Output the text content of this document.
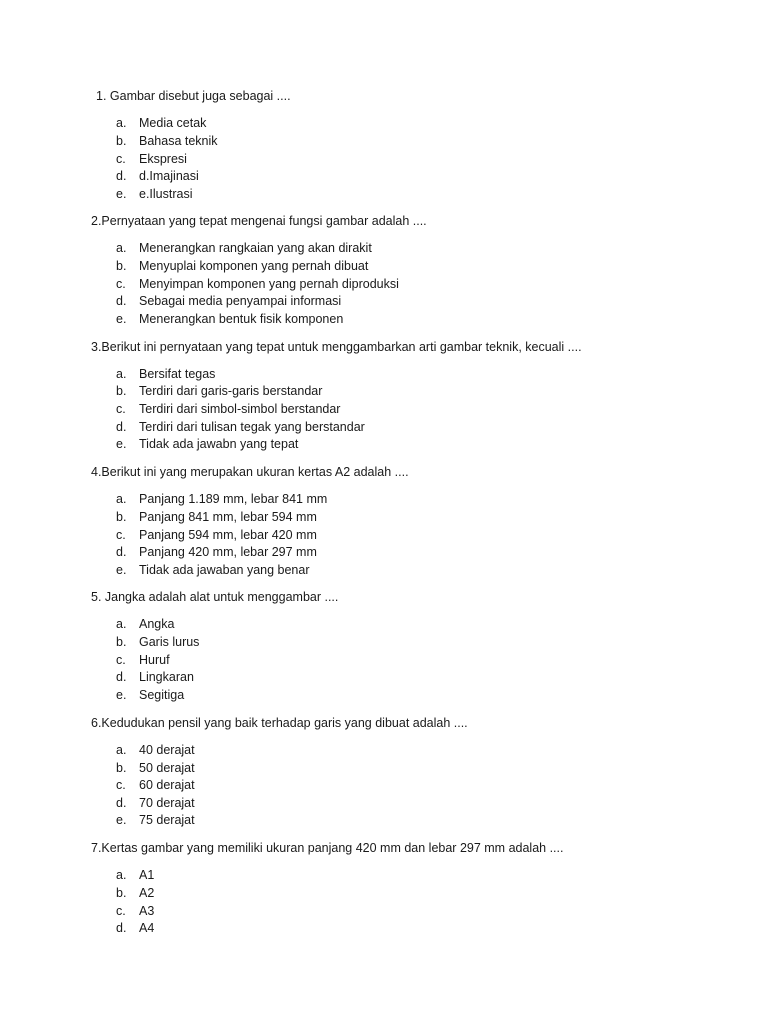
1. Gambar disebut juga sebagai ....
a.	Media cetak
b.	Bahasa teknik
c.	Ekspresi
d.	d.Imajinasi
e.	e.Ilustrasi
2.Pernyataan yang tepat mengenai fungsi gambar adalah ....
a.	Menerangkan rangkaian yang akan dirakit
b.	Menyuplai komponen yang pernah dibuat
c.	Menyimpan komponen yang pernah diproduksi
d.	Sebagai media penyampai informasi
e.	Menerangkan bentuk fisik komponen
3.Berikut ini pernyataan yang tepat untuk menggambarkan arti gambar teknik, kecuali ....
a.	Bersifat tegas
b.	Terdiri dari garis-garis berstandar
c.	Terdiri dari simbol-simbol berstandar
d.	Terdiri dari tulisan tegak yang berstandar
e.	Tidak ada jawabn yang tepat
4.Berikut ini yang merupakan ukuran kertas A2 adalah ....
a.	Panjang 1.189 mm, lebar 841 mm
b.	Panjang 841 mm, lebar 594 mm
c.	Panjang 594 mm, lebar 420 mm
d.	Panjang 420 mm, lebar 297 mm
e.	Tidak ada jawaban yang benar
5. Jangka adalah alat untuk menggambar ....
a.	Angka
b.	Garis lurus
c.	Huruf
d.	Lingkaran
e.	Segitiga
6.Kedudukan pensil yang baik terhadap garis yang dibuat adalah ....
a.	40 derajat
b.	50 derajat
c.	60 derajat
d.	70 derajat
e.	75 derajat
7.Kertas gambar yang memiliki ukuran panjang 420 mm dan lebar 297 mm adalah ....
a.	A1
b.	A2
c.	A3
d.	A4
